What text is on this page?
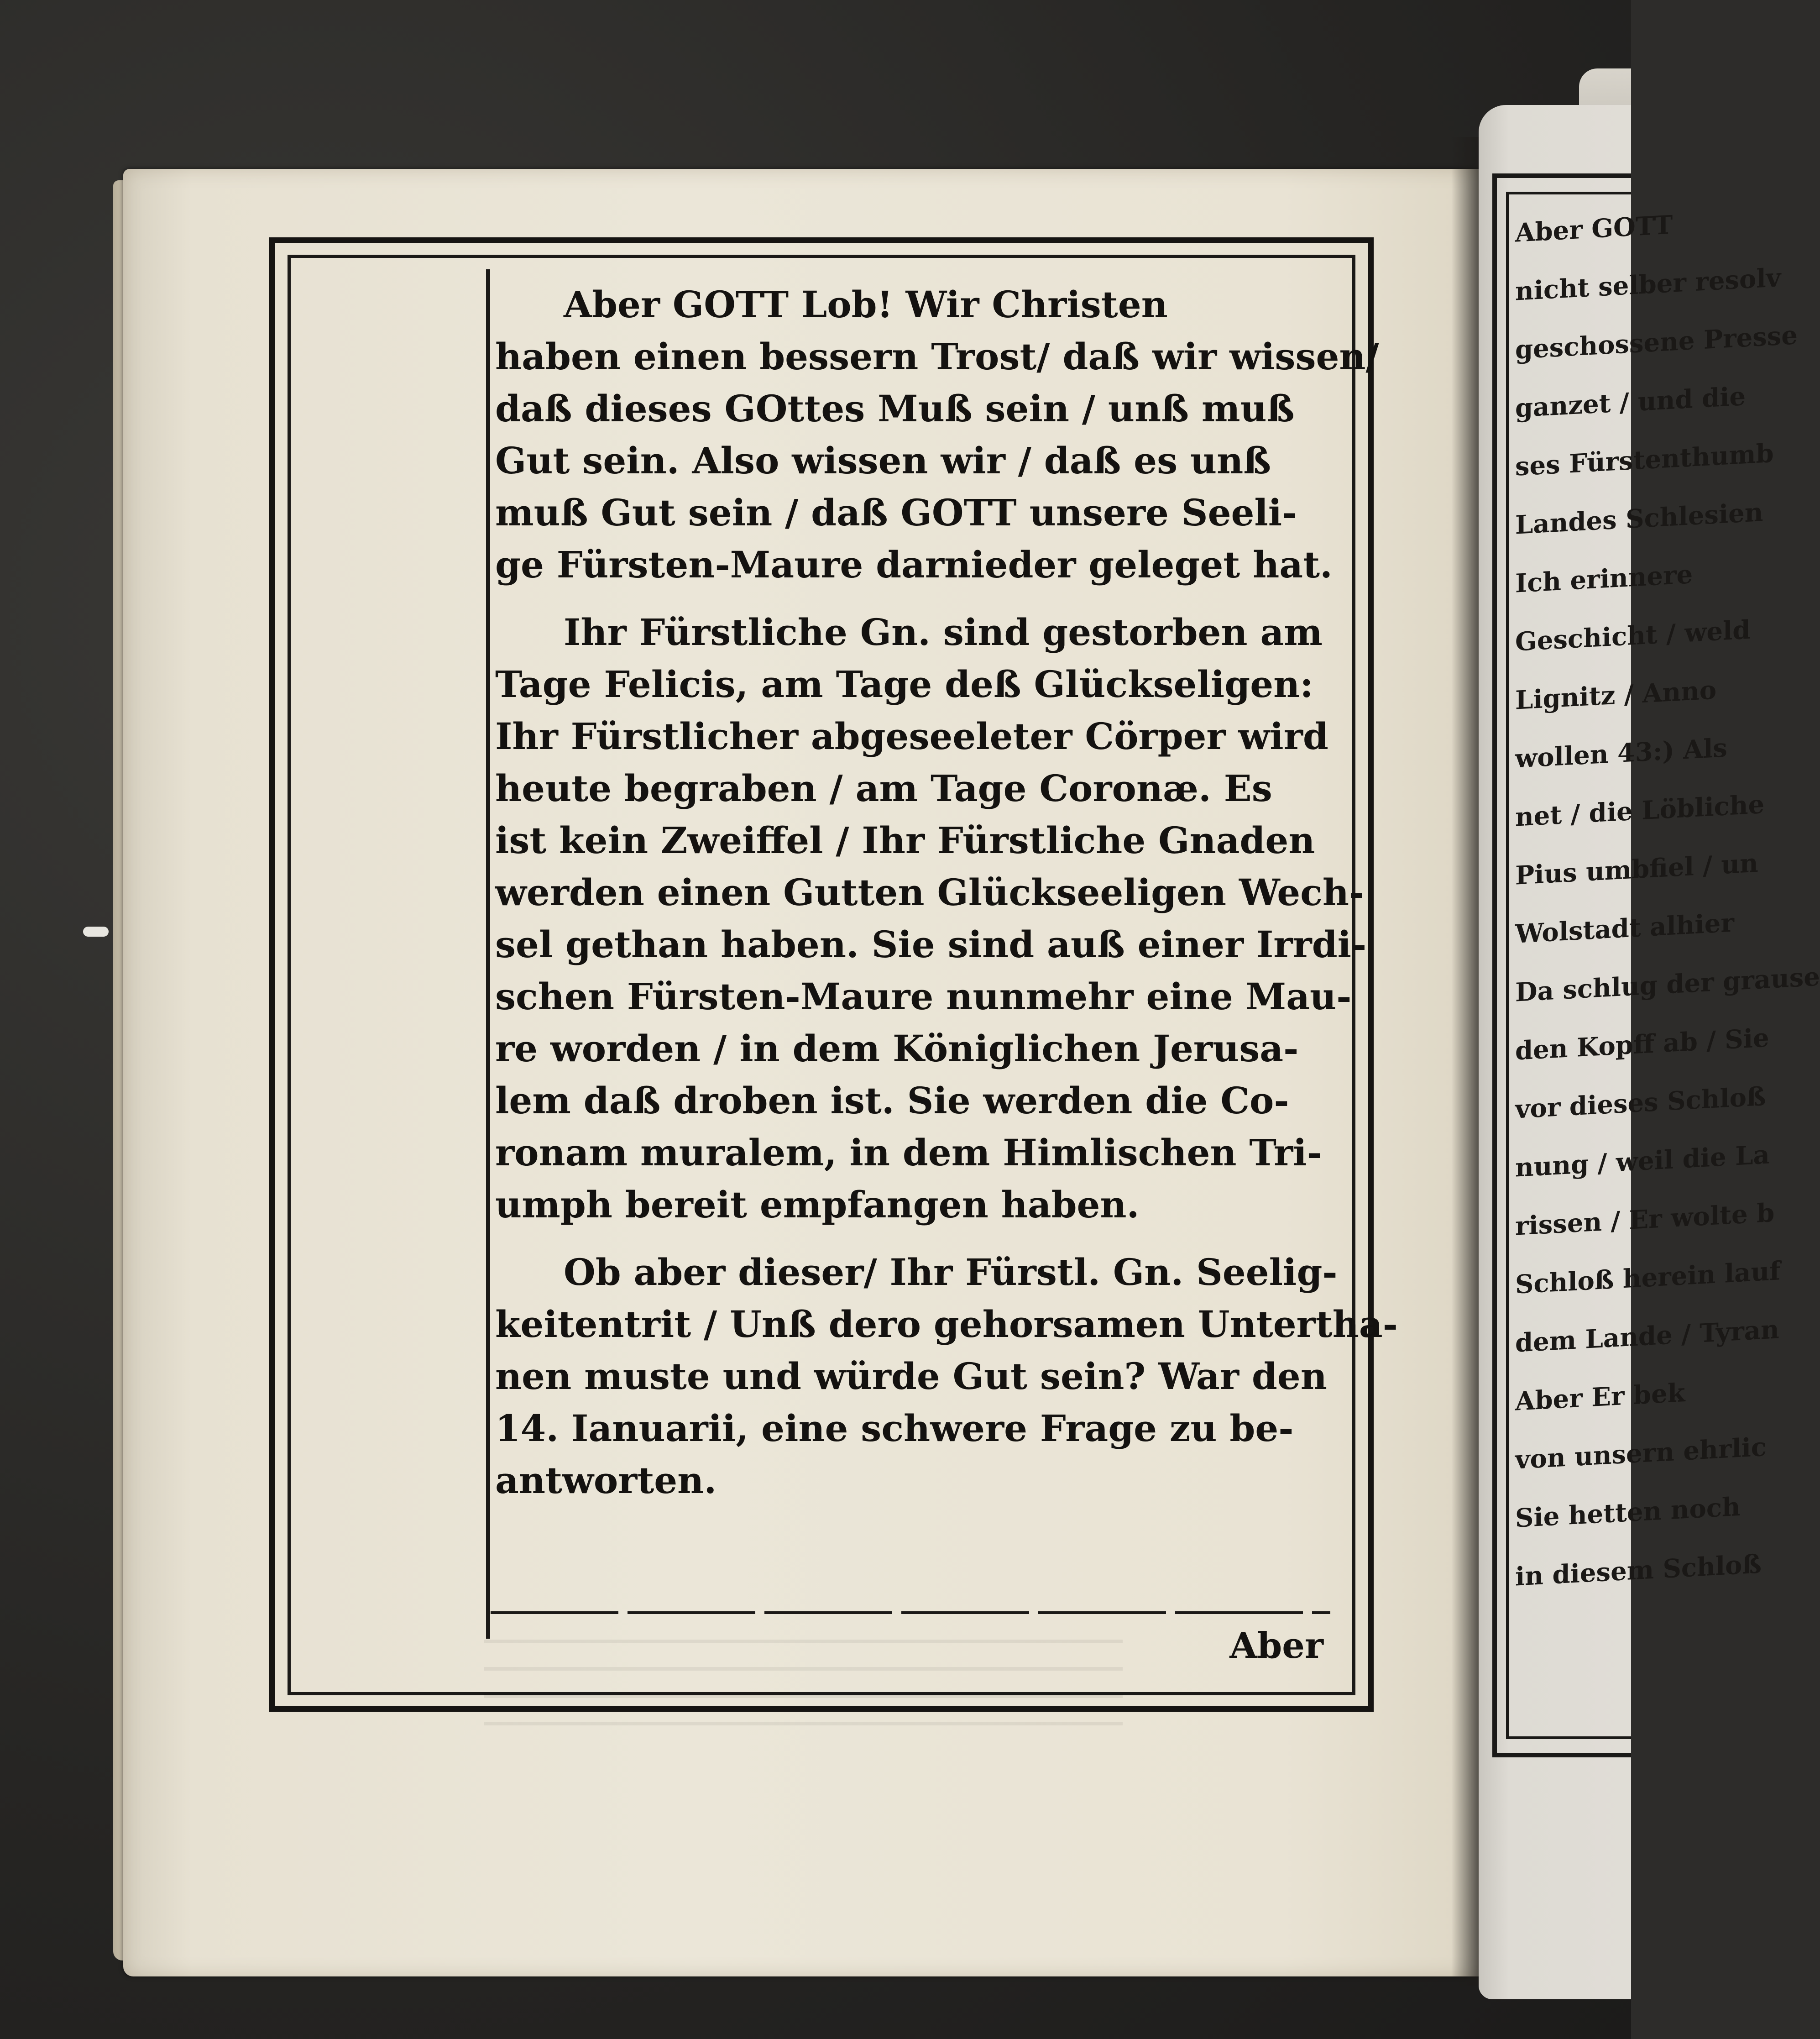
Aber GOTT Lob! Wir Christen
haben einen bessern Trost/ daß wir wissen/
daß dieses GOttes Muß sein / unß muß
Gut sein. Also wissen wir / daß es unß
muß Gut sein / daß GOTT unsere Seeli-
ge Fürsten-Maure darnieder geleget hat.
Ihr Fürstliche Gn. sind gestorben am
Tage Felicis, am Tage deß Glückseligen:
Ihr Fürstlicher abgeseeleter Cörper wird
heute begraben / am Tage Coronæ. Es
ist kein Zweiffel / Ihr Fürstliche Gnaden
werden einen Gutten Glückseeligen Wech-
sel gethan haben. Sie sind auß einer Irrdi-
schen Fürsten-Maure nunmehr eine Mau-
re worden / in dem Königlichen Jerusa-
lem daß droben ist. Sie werden die Co-
ronam muralem, in dem Himlischen Tri-
umph bereit empfangen haben.
Ob aber dieser/ Ihr Fürstl. Gn. Seelig-
keitentrit / Unß dero gehorsamen Untertha-
nen muste und würde Gut sein? War den
14. Ianuarii, eine schwere Frage zu be-
antworten.
Aber
Aber GOTT
nicht selber resolv
geschossene Presse
ganzet / und die
ses Fürstenthumb
Landes Schlesien
Ich erinnere
Geschicht / weld
Lignitz / Anno
wollen 43:) Als
net / die Löbliche
Pius umbfiel / un
Wolstadt alhier
Da schlug der grause
den Kopff ab / Sie
vor dieses Schloß
nung / weil die La
rissen / Er wolte b
Schloß herein lauf
dem Lande / Tyran
Aber Er bek
von unsern ehrlic
Sie hetten noch
in diesem Schloß
